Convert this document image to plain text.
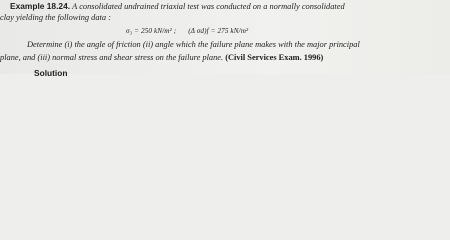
Example 18.24. A consolidated undrained triaxial test was conducted on a normally consolidated
clay yielding the following data :
σ₃ = 250 kN/m² ; (Δ σd)f = 275 kN/m²
Determine (i) the angle of friction (ii) angle which the failure plane makes with the major principal
plane, and (iii) normal stress and shear stress on the failure plane. (Civil Services Exam. 1996)
Solution
